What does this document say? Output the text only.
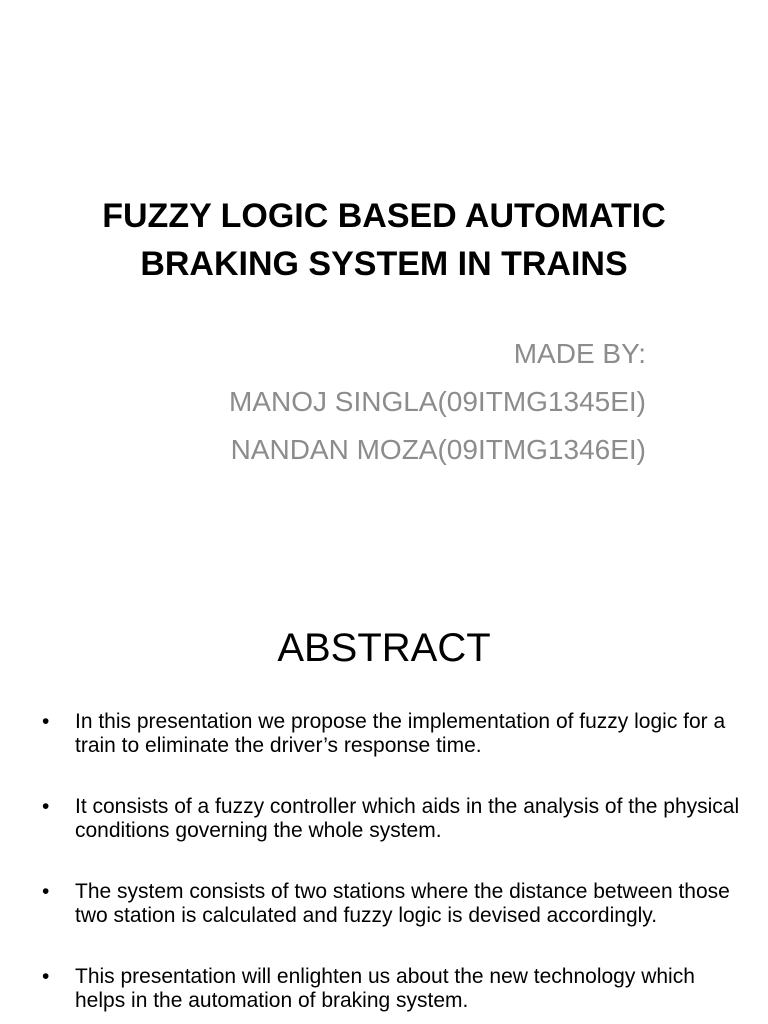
FUZZY LOGIC BASED AUTOMATIC
BRAKING SYSTEM IN TRAINS
MADE BY:
MANOJ SINGLA(09ITMG1345EI)
NANDAN MOZA(09ITMG1346EI)
ABSTRACT
• In this presentation we propose the implementation of fuzzy logic for a train to eliminate the driver’s response time.
• It consists of a fuzzy controller which aids in the analysis of the physical conditions governing the whole system.
• The system consists of two stations where the distance between those two station is calculated and fuzzy logic is devised accordingly.
• This presentation will enlighten us about the new technology which helps in the automation of braking system.
